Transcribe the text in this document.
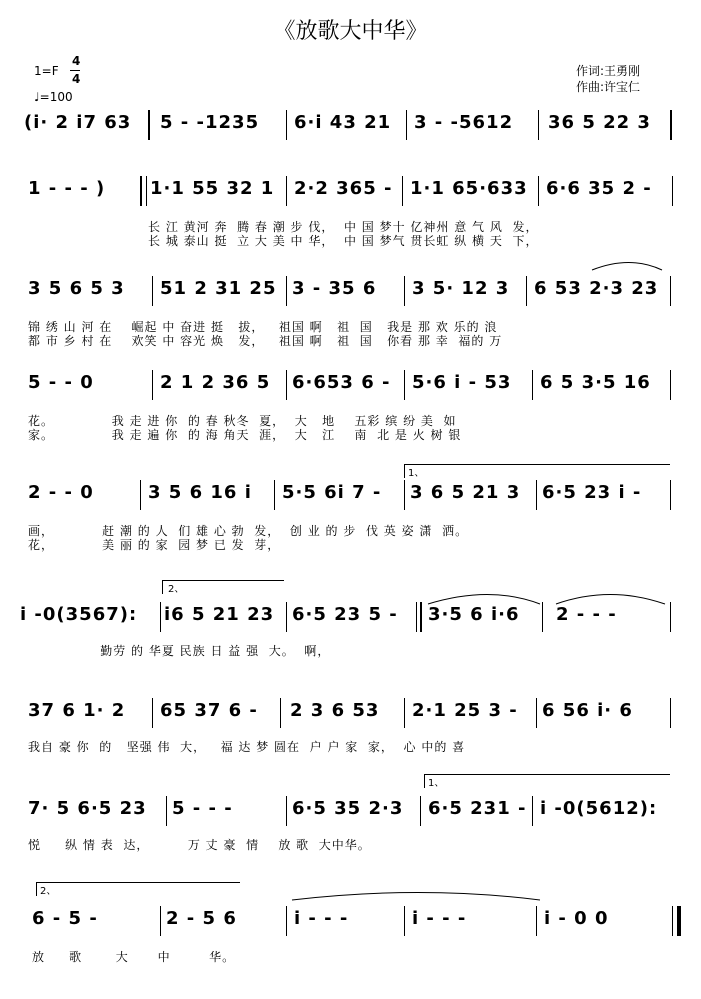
《放歌大中华》
1=F
4
4
♩=100
作词:王勇刚
作曲:许宝仁
(i· 2 i7 63 5 - -1235 6·i 43 21 3 - -5612 36 5 22 3
1 - - - ) 1·1 55 32 1 2·2 365 - 1·1 65·633 6·6 35 2 -
长 江 黄河 奔  腾 春 潮 步 伐，  中 国 梦十 亿神州 意 气 风  发，
长 城 泰山 挺  立 大 美 中 华，  中 国 梦气 贯长虹 纵 横 天  下，
3 5 6 5 3 51 2 31 25 3 - 35 6 3 5· 12 3 6 53 2·3 23
锦 绣 山 河 在    崛起 中 奋进 挺   拔，   祖国 啊   祖  国   我是 那 欢 乐的 浪
都 市 乡 村 在    欢笑 中 容光 焕   发，   祖国 啊   祖  国   你看 那 幸  福的 万
5 - - 0	2 1 2 36 5 6·653 6 - 5·6 i - 53 6 5 3·5 16
花。            我 走 进 你  的 春 秋冬  夏，  大   地    五彩 缤 纷 美  如
家。            我 走 遍 你  的 海 角天  涯，  大   江    南  北 是 火 树 银
1、
2 - - 0	3 5 6 16 i 5·5 6i 7 - 3 6 5 21 3 6·5 23 i -
画，          赶 潮 的 人  们 雄 心 勃  发，  创 业 的 步  伐 英 姿 潇  洒。
花，          美 丽 的 家  园 梦 已 发  芽，
2、
i -0(3567): i6 5 21 23 6·5 23 5 - 3·5 6 i·6 2 - - -
勤劳 的 华夏 民族 日 益 强  大。  啊，
37 6 1· 2 65 37 6 - 2 3 6 53 2·1 25 3 - 6 56 i· 6
我自 豪 你  的   坚强 伟  大，   福 达 梦 圆在  户 户 家  家，  心 中的 喜
1、
7· 5 6·5 23 5 - - -	6·5 35 2·3 6·5 231 - i -0(5612):
悦     纵 情 表  达，        万 丈 豪  情    放 歌  大中华。
2、
6 - 5 -	2 - 5 6	i - - -	i - - -	i - 0 0
放     歌       大      中        华。
